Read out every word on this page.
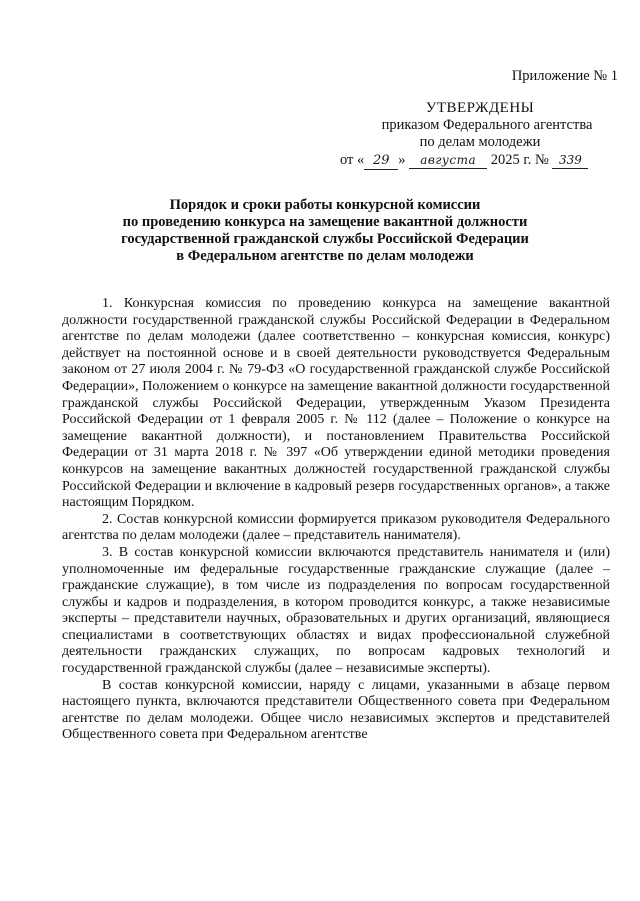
Приложение № 1
УТВЕРЖДЕНЫ
приказом Федерального агентства
по делам молодежи
от « 29 » августа 2025 г. № 339
Порядок и сроки работы конкурсной комиссии
по проведению конкурса на замещение вакантной должности
государственной гражданской службы Российской Федерации
в Федеральном агентстве по делам молодежи

1. Конкурсная комиссия по проведению конкурса на замещение вакантной должности государственной гражданской службы Российской Федерации в Федеральном агентстве по делам молодежи (далее соответственно – конкурсная комиссия, конкурс) действует на постоянной основе и в своей деятельности руководствуется Федеральным законом от 27 июля 2004 г. № 79-ФЗ «О государственной гражданской службе Российской Федерации», Положением о конкурсе на замещение вакантной должности государственной гражданской службы Российской Федерации, утвержденным Указом Президента Российской Федерации от 1 февраля 2005 г. № 112 (далее – Положение о конкурсе на замещение вакантной должности), и постановлением Правительства Российской Федерации от 31 марта 2018 г. № 397 «Об утверждении единой методики проведения конкурсов на замещение вакантных должностей государственной гражданской службы Российской Федерации и включение в кадровый резерв государственных органов», а также настоящим Порядком.

2. Состав конкурсной комиссии формируется приказом руководителя Федерального агентства по делам молодежи (далее – представитель нанимателя).

3. В состав конкурсной комиссии включаются представитель нанимателя и (или) уполномоченные им федеральные государственные гражданские служащие (далее – гражданские служащие), в том числе из подразделения по вопросам государственной службы и кадров и подразделения, в котором проводится конкурс, а также независимые эксперты – представители научных, образовательных и других организаций, являющиеся специалистами в соответствующих областях и видах профессиональной служебной деятельности гражданских служащих, по вопросам кадровых технологий и государственной гражданской службы (далее – независимые эксперты).

В состав конкурсной комиссии, наряду с лицами, указанными в абзаце первом настоящего пункта, включаются представители Общественного совета при Федеральном агентстве по делам молодежи. Общее число независимых экспертов и представителей Общественного совета при Федеральном агентстве
